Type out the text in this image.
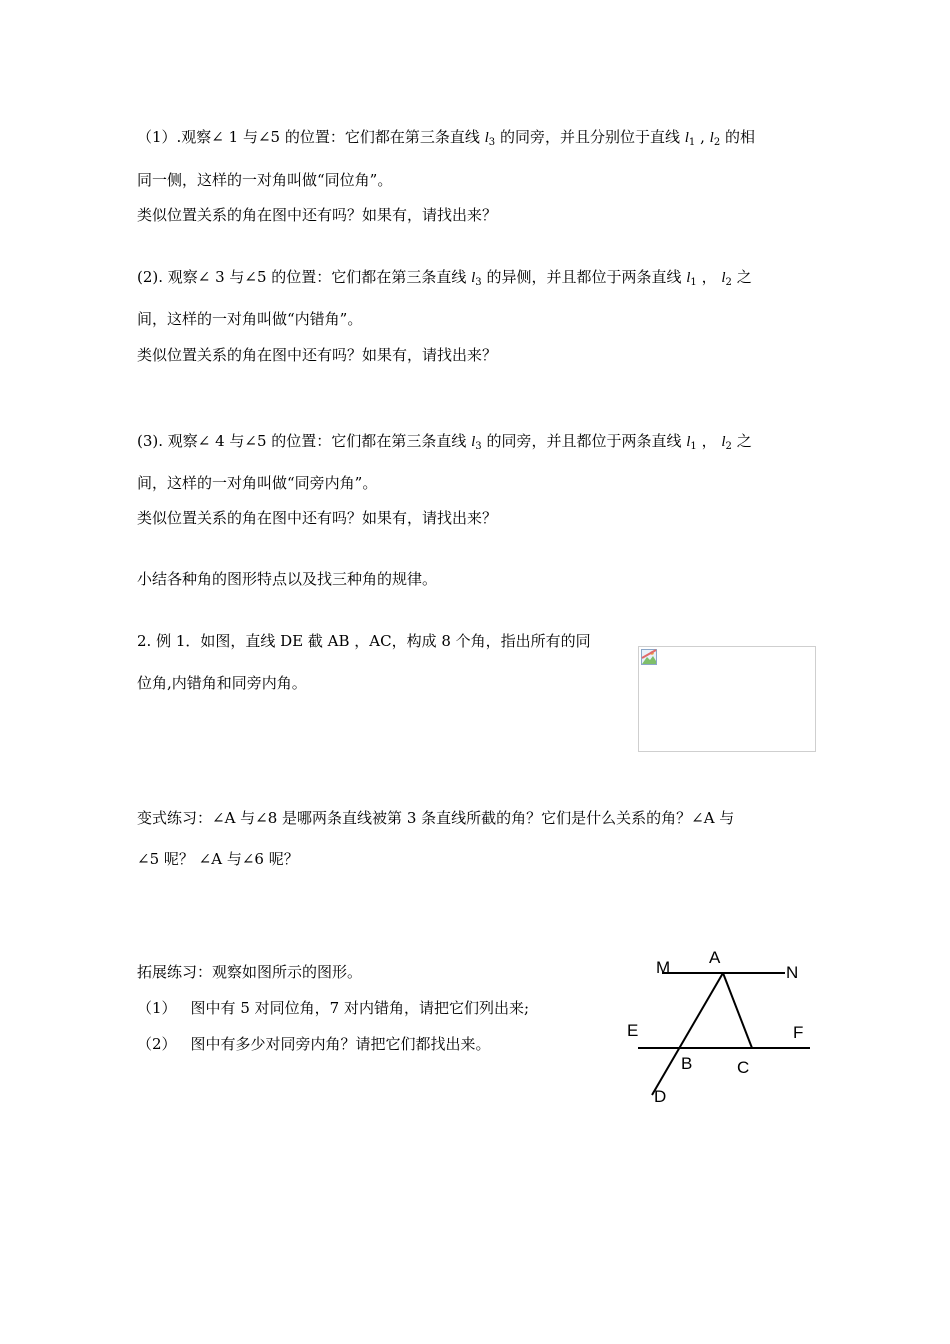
（1）.观察∠ 1 与∠5 的位置：它们都在第三条直线 $l_3$ 的同旁，并且分别位于直线 $l_1$ , $l_2$ 的相
同一侧，这样的一对角叫做“同位角”。
类似位置关系的角在图中还有吗？如果有，请找出来？
(2). 观察∠ 3 与∠5 的位置：它们都在第三条直线 $l_3$ 的异侧，并且都位于两条直线 $l_1$ ， $l_2$ 之
间，这样的一对角叫做“内错角”。
类似位置关系的角在图中还有吗？如果有，请找出来？
(3). 观察∠ 4 与∠5 的位置：它们都在第三条直线 $l_3$ 的同旁，并且都位于两条直线 $l_1$ ， $l_2$ 之
间，这样的一对角叫做“同旁内角”。
类似位置关系的角在图中还有吗？如果有，请找出来？
小结各种角的图形特点以及找三种角的规律。
2. 例 1．如图，直线 DE 截 AB ，AC，构成 8 个角，指出所有的同
位角,内错角和同旁内角。
变式练习：∠A 与∠8 是哪两条直线被第 3 条直线所截的角？它们是什么关系的角？∠A 与
∠5 呢？ ∠A 与∠6 呢？
拓展练习：观察如图所示的图形。
（1） 图中有 5 对同位角，7 对内错角，请把它们列出来;
（2） 图中有多少对同旁内角？请把它们都找出来。
M
A
N
E	F
B	C
D
